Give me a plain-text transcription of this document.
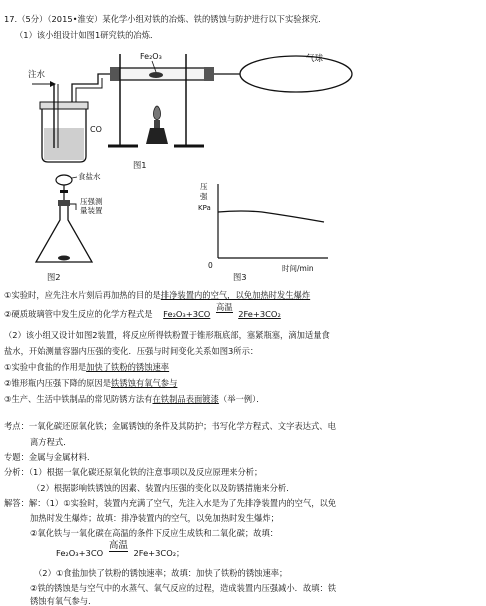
17.（5分）（2015•淮安）某化学小组对铁的冶炼、铁的锈蚀与防护进行以下实验探究．
（1）该小组设计如图1研究铁的冶炼．
注水
CO
Fe₂O₃	气球
图1
食盐水
压强测
量装置
图2
压
强
KPa
0	时间/min
图3
①实验时，应先注水片刻后再加热的目的是排净装置内的空气，以免加热时发生爆炸
②硬质玻璃管中发生反应的化学方程式是 Fe₂O₃+3CO 高温 2Fe+3CO₂
（2）该小组又设计如图2装置，将反应所得铁粉置于锥形瓶底部，塞紧瓶塞，滴加适量食
盐水，开始测量容器内压强的变化．压强与时间变化关系如图3所示：
①实验中食盐的作用是加快了铁粉的锈蚀速率
②锥形瓶内压强下降的原因是铁锈蚀有氧气参与
③生产、生活中铁制品的常见防锈方法有在铁制品表面镀漆（举一例）．
考点：一氧化碳还原氧化铁；金属锈蚀的条件及其防护；书写化学方程式、文字表达式、电
离方程式．
专题：金属与金属材料．
分析：（1）根据一氧化碳还原氧化铁的注意事项以及反应原理来分析；
（2）根据影响铁锈蚀的因素、装置内压强的变化以及防锈措施来分析．
解答：解：（1）①实验时，装置内充满了空气，先注入水是为了先排净装置内的空气，以免
加热时发生爆炸；故填：排净装置内的空气，以免加热时发生爆炸；
②氧化铁与一氧化碳在高温的条件下反应生成铁和二氧化碳；故填：
Fe₂O₃+3CO 高温 2Fe+3CO₂；
（2）①食盐加快了铁粉的锈蚀速率；故填：加快了铁粉的锈蚀速率；
②铁的锈蚀是与空气中的水蒸气、氧气反应的过程，造成装置内压强减小．故填：铁
锈蚀有氧气参与．
